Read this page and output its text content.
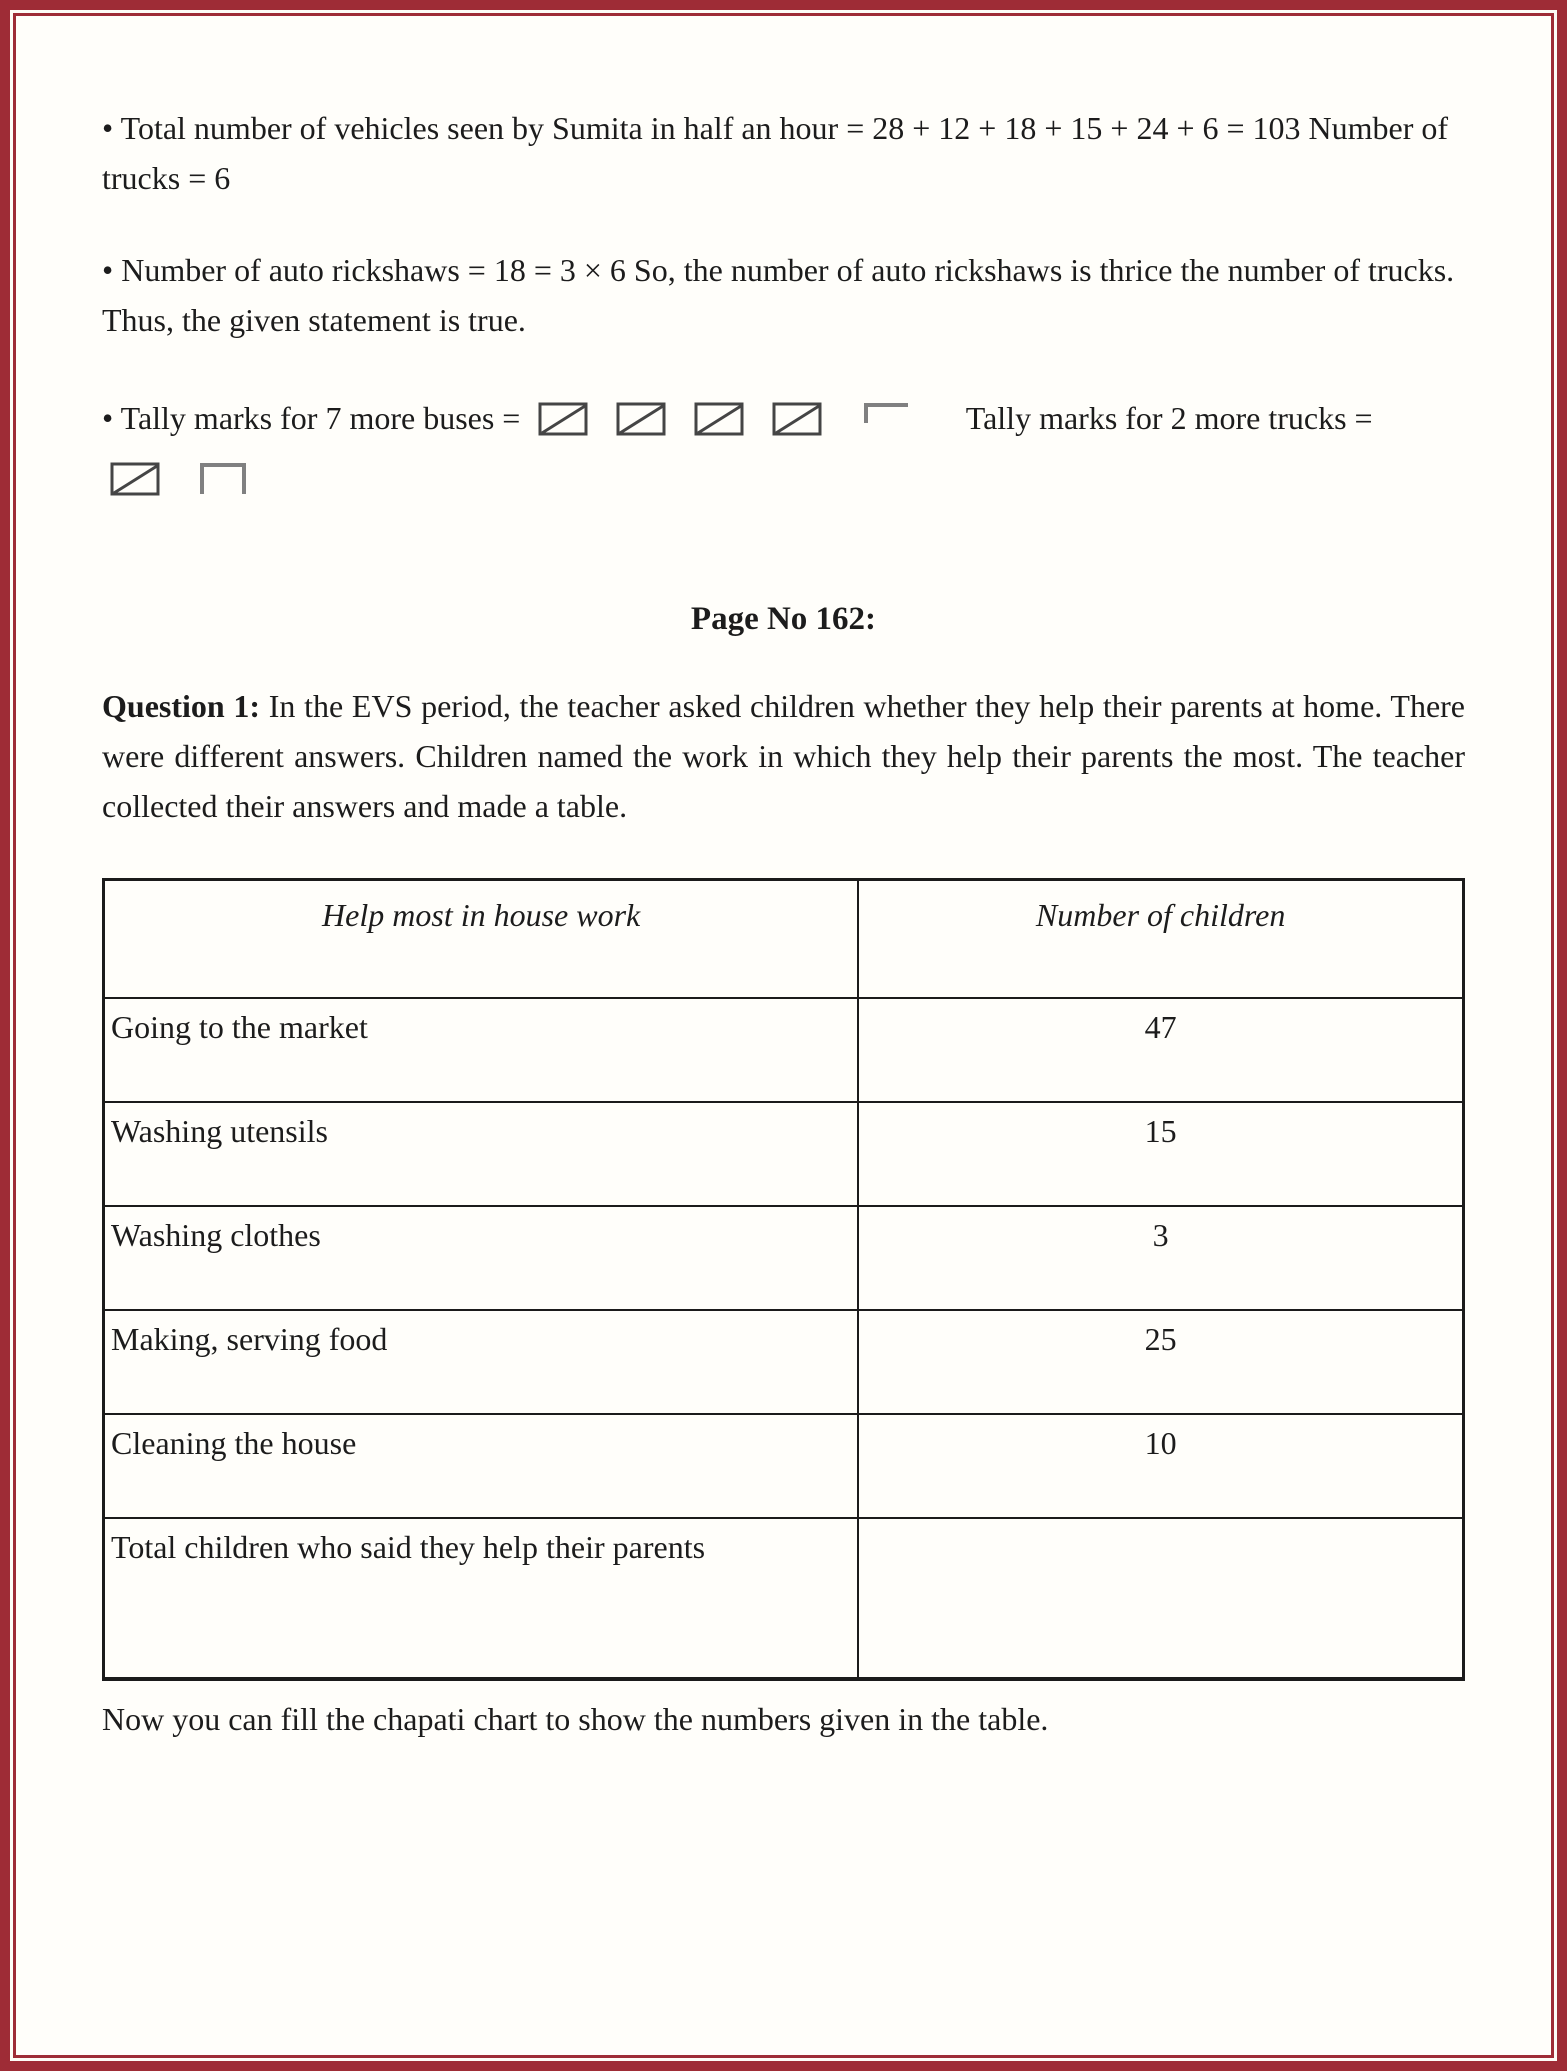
• Total number of vehicles seen by Sumita in half an hour = 28 + 12 + 18 + 15 + 24 + 6 = 103 Number of trucks = 6

• Number of auto rickshaws = 18 = 3 × 6 So, the number of auto rickshaws is thrice the number of trucks. Thus, the given statement is true.

• Tally marks for 7 more buses =

	Tally marks for 2 more trucks =

Page No 162:

Question 1: In the EVS period, the teacher asked children whether they help their parents at home. There were different answers. Children named the work in which they help their parents the most. The teacher collected their answers and made a table.

Help most in house work	Number of children
Going to the market	47
Washing utensils	15
Washing clothes	3
Making, serving food	25
Cleaning the house	10
Total children who said they help their parents	

Now you can fill the chapati chart to show the numbers given in the table.
